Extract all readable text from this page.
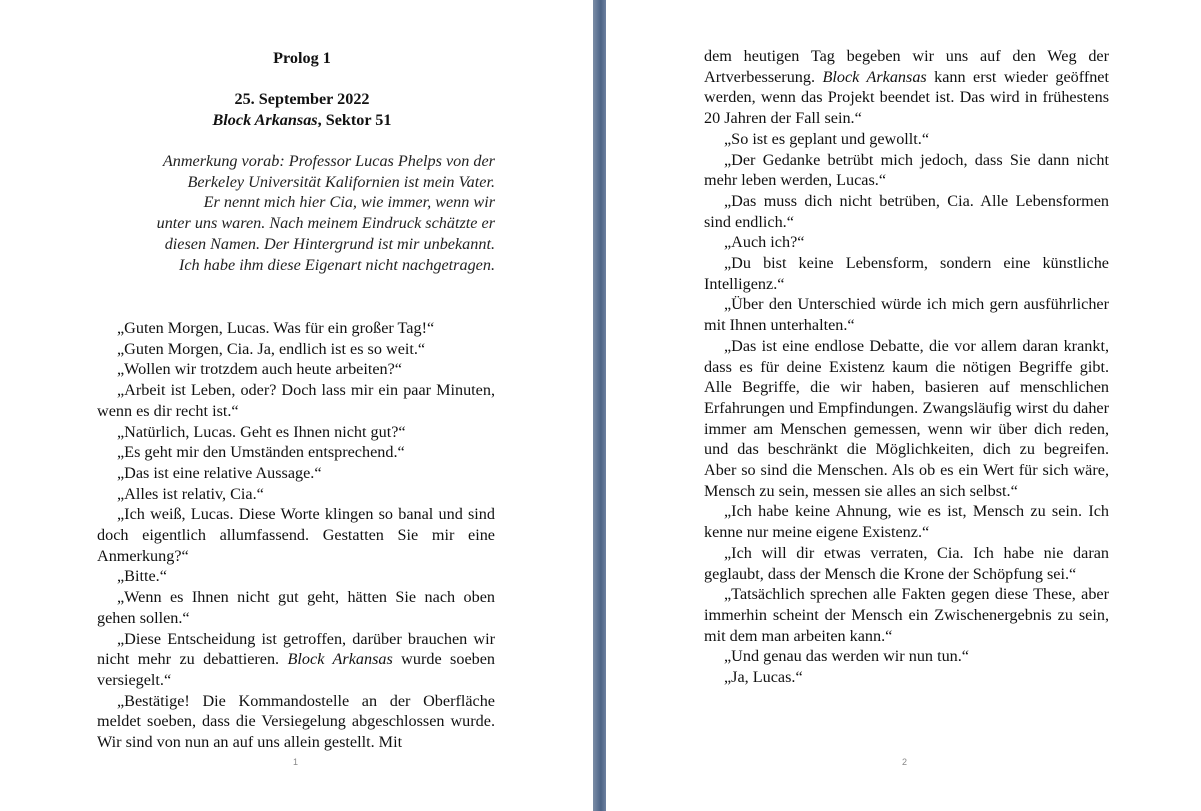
Prolog 1
25. September 2022
Block Arkansas, Sektor 51
Anmerkung vorab: Professor Lucas Phelps von der
Berkeley Universität Kalifornien ist mein Vater.
Er nennt mich hier Cia, wie immer, wenn wir
unter uns waren. Nach meinem Eindruck schätzte er
diesen Namen. Der Hintergrund ist mir unbekannt.
Ich habe ihm diese Eigenart nicht nachgetragen.

„Guten Morgen, Lucas. Was für ein großer Tag!“

„Guten Morgen, Cia. Ja, endlich ist es so weit.“

„Wollen wir trotzdem auch heute arbeiten?“

„Arbeit ist Leben, oder? Doch lass mir ein paar Minuten, wenn es dir recht ist.“

„Natürlich, Lucas. Geht es Ihnen nicht gut?“

„Es geht mir den Umständen entsprechend.“

„Das ist eine relative Aussage.“

„Alles ist relativ, Cia.“

„Ich weiß, Lucas. Diese Worte klingen so banal und sind doch eigentlich allumfassend. Gestatten Sie mir eine Anmerkung?“

„Bitte.“

„Wenn es Ihnen nicht gut geht, hätten Sie nach oben gehen sollen.“

„Diese Entscheidung ist getroffen, darüber brauchen wir nicht mehr zu debattieren. Block Arkansas wurde soeben versiegelt.“

„Bestätige! Die Kommandostelle an der Oberfläche meldet soeben, dass die Versiegelung abgeschlossen wurde. Wir sind von nun an auf uns allein gestellt. Mit

1

dem heutigen Tag begeben wir uns auf den Weg der Artverbesserung. Block Arkansas kann erst wieder geöffnet werden, wenn das Projekt beendet ist. Das wird in frühestens 20 Jahren der Fall sein.“

„So ist es geplant und gewollt.“

„Der Gedanke betrübt mich jedoch, dass Sie dann nicht mehr leben werden, Lucas.“

„Das muss dich nicht betrüben, Cia. Alle Lebensformen sind endlich.“

„Auch ich?“

„Du bist keine Lebensform, sondern eine künstliche Intelligenz.“

„Über den Unterschied würde ich mich gern ausführlicher mit Ihnen unterhalten.“

„Das ist eine endlose Debatte, die vor allem daran krankt, dass es für deine Existenz kaum die nötigen Begriffe gibt. Alle Begriffe, die wir haben, basieren auf menschlichen Erfahrungen und Empfindungen. Zwangsläufig wirst du daher immer am Menschen gemessen, wenn wir über dich reden, und das beschränkt die Möglichkeiten, dich zu begreifen. Aber so sind die Menschen. Als ob es ein Wert für sich wäre, Mensch zu sein, messen sie alles an sich selbst.“

„Ich habe keine Ahnung, wie es ist, Mensch zu sein. Ich kenne nur meine eigene Existenz.“

„Ich will dir etwas verraten, Cia. Ich habe nie daran geglaubt, dass der Mensch die Krone der Schöpfung sei.“

„Tatsächlich sprechen alle Fakten gegen diese These, aber immerhin scheint der Mensch ein Zwischenergebnis zu sein, mit dem man arbeiten kann.“

„Und genau das werden wir nun tun.“

„Ja, Lucas.“

2
